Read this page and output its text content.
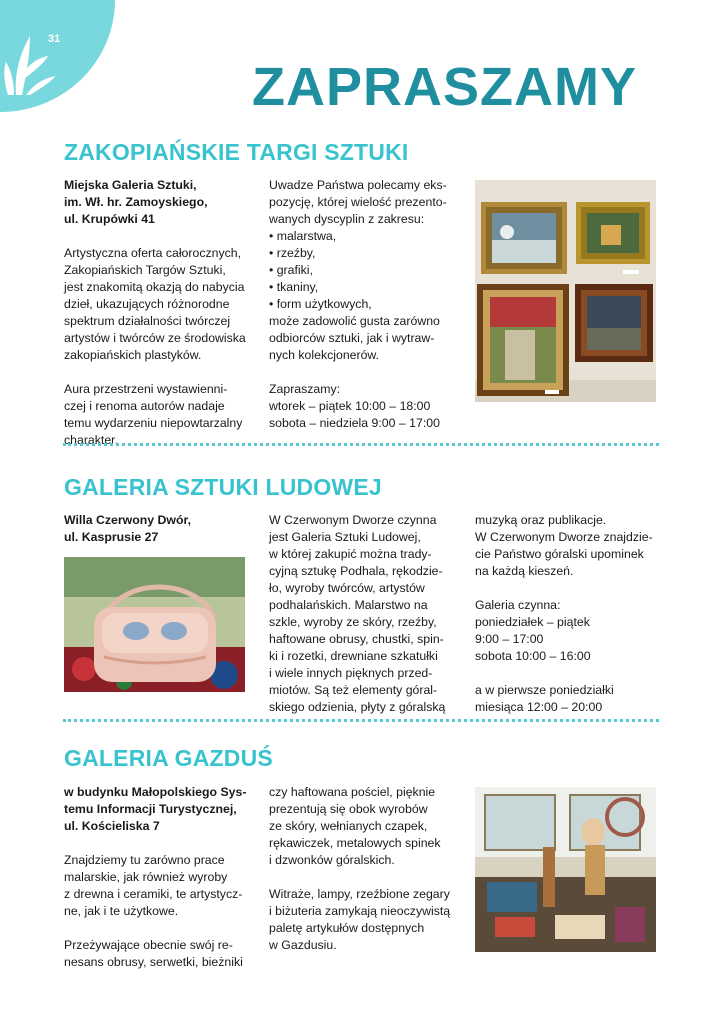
31
ZAPRASZAMY
ZAKOPIAŃSKIE TARGI SZTUKI

Miejska Galeria Sztuki,

im. Wł. hr. Zamoyskiego,

ul. Krupówki 41

Artystyczna oferta całorocznych,

Zakopiańskich Targów Sztuki,

jest znakomitą okazją do nabycia

dzieł, ukazujących różnorodne

spektrum działalności twórczej

artystów i twórców ze środowiska

zakopiańskich plastyków.

Aura przestrzeni wystawienni-

czej i renoma autorów nadaje

temu wydarzeniu niepowtarzalny

charakter.

Uwadze Państwa polecamy eks-

pozycję, której wielość prezento-

wanych dyscyplin z zakresu:

• malarstwa,

• rzeźby,

• grafiki,

• tkaniny,

• form użytkowych,

może zadowolić gusta zarówno

odbiorców sztuki, jak i wytraw-

nych kolekcjonerów.

Zapraszamy:

wtorek – piątek 10:00 – 18:00

sobota – niedziela 9:00 – 17:00

GALERIA SZTUKI LUDOWEJ

Willa Czerwony Dwór,

ul. Kasprusie 27

W Czerwonym Dworze czynna

jest Galeria Sztuki Ludowej,

w której zakupić można trady-

cyjną sztukę Podhala, rękodzie-

ło, wyroby twórców, artystów

podhalańskich. Malarstwo na

szkle, wyroby ze skóry, rzeźby,

haftowane obrusy, chustki, spin-

ki i rozetki, drewniane szkatułki

i wiele innych pięknych przed-

miotów. Są też elementy góral-

skiego odzienia, płyty z góralską

muzyką oraz publikacje.

W Czerwonym Dworze znajdzie-

cie Państwo góralski upominek

na każdą kieszeń.

Galeria czynna:

poniedziałek – piątek

9:00 – 17:00

sobota 10:00 – 16:00

a w pierwsze poniedziałki

miesiąca 12:00 – 20:00

GALERIA GAZDUŚ

w budynku Małopolskiego Sys-

temu Informacji Turystycznej,

ul. Kościeliska 7

Znajdziemy tu zarówno prace

malarskie, jak również wyroby

z drewna i ceramiki, te artystycz-

ne, jak i te użytkowe.

Przeżywające obecnie swój re-

nesans obrusy, serwetki, bieżniki

czy haftowana pościel, pięknie

prezentują się obok wyrobów

ze skóry, wełnianych czapek,

rękawiczek, metalowych spinek

i dzwonków góralskich.

Witraże, lampy, rzeźbione zegary

i biżuteria zamykają nieoczywistą

paletę artykułów dostępnych

w Gazdusiu.
